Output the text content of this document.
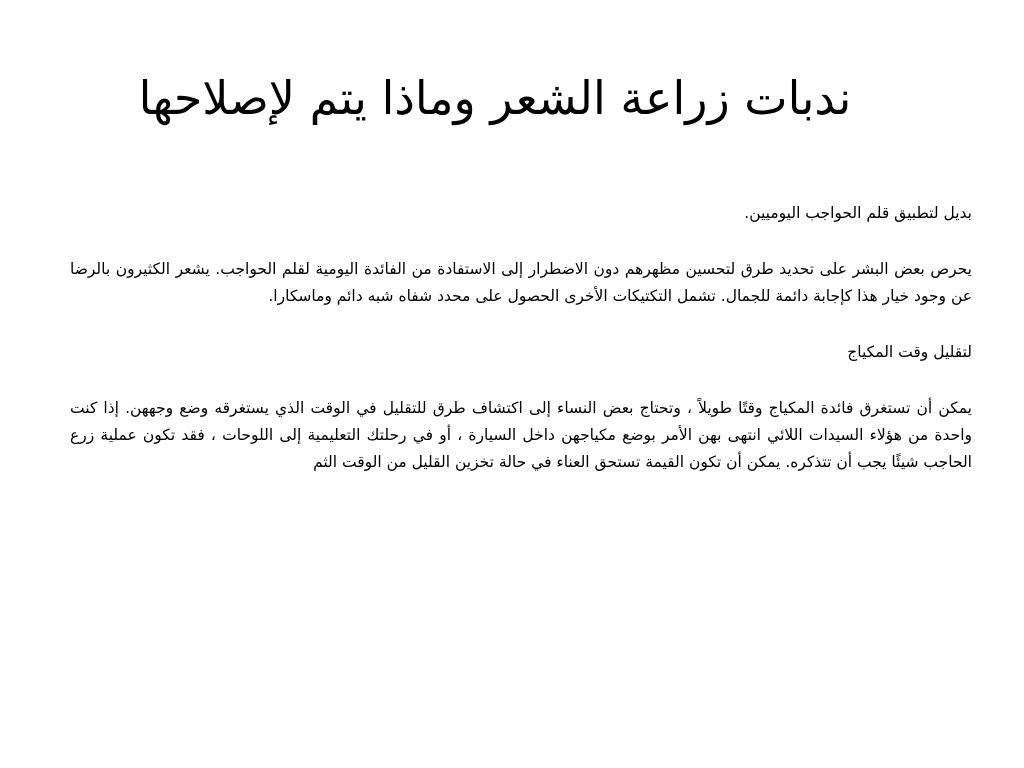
ندبات زراعة الشعر وماذا يتم لإصلاحها

بديل لتطبيق قلم الحواجب اليوميين.

يحرص بعض البشر على تحديد طرق لتحسين مظهرهم دون الاضطرار إلى الاستفادة من الفائدة اليومية لقلم الحواجب. يشعر الكثيرون بالرضا عن وجود خيار هذا كإجابة دائمة للجمال. تشمل التكتيكات الأخرى الحصول على محدد شفاه شبه دائم وماسكارا.

لتقليل وقت المكياج

يمكن أن تستغرق فائدة المكياج وقتًا طويلاً ، وتحتاج بعض النساء إلى اكتشاف طرق للتقليل في الوقت الذي يستغرقه وضع وجههن. إذا كنت واحدة من هؤلاء السيدات اللائي انتهى بهن الأمر بوضع مكياجهن داخل السيارة ، أو في رحلتك التعليمية إلى اللوحات ، فقد تكون عملية زرع الحاجب شيئًا يجب أن تتذكره. يمكن أن تكون القيمة تستحق العناء في حالة تخزين القليل من الوقت الثم
